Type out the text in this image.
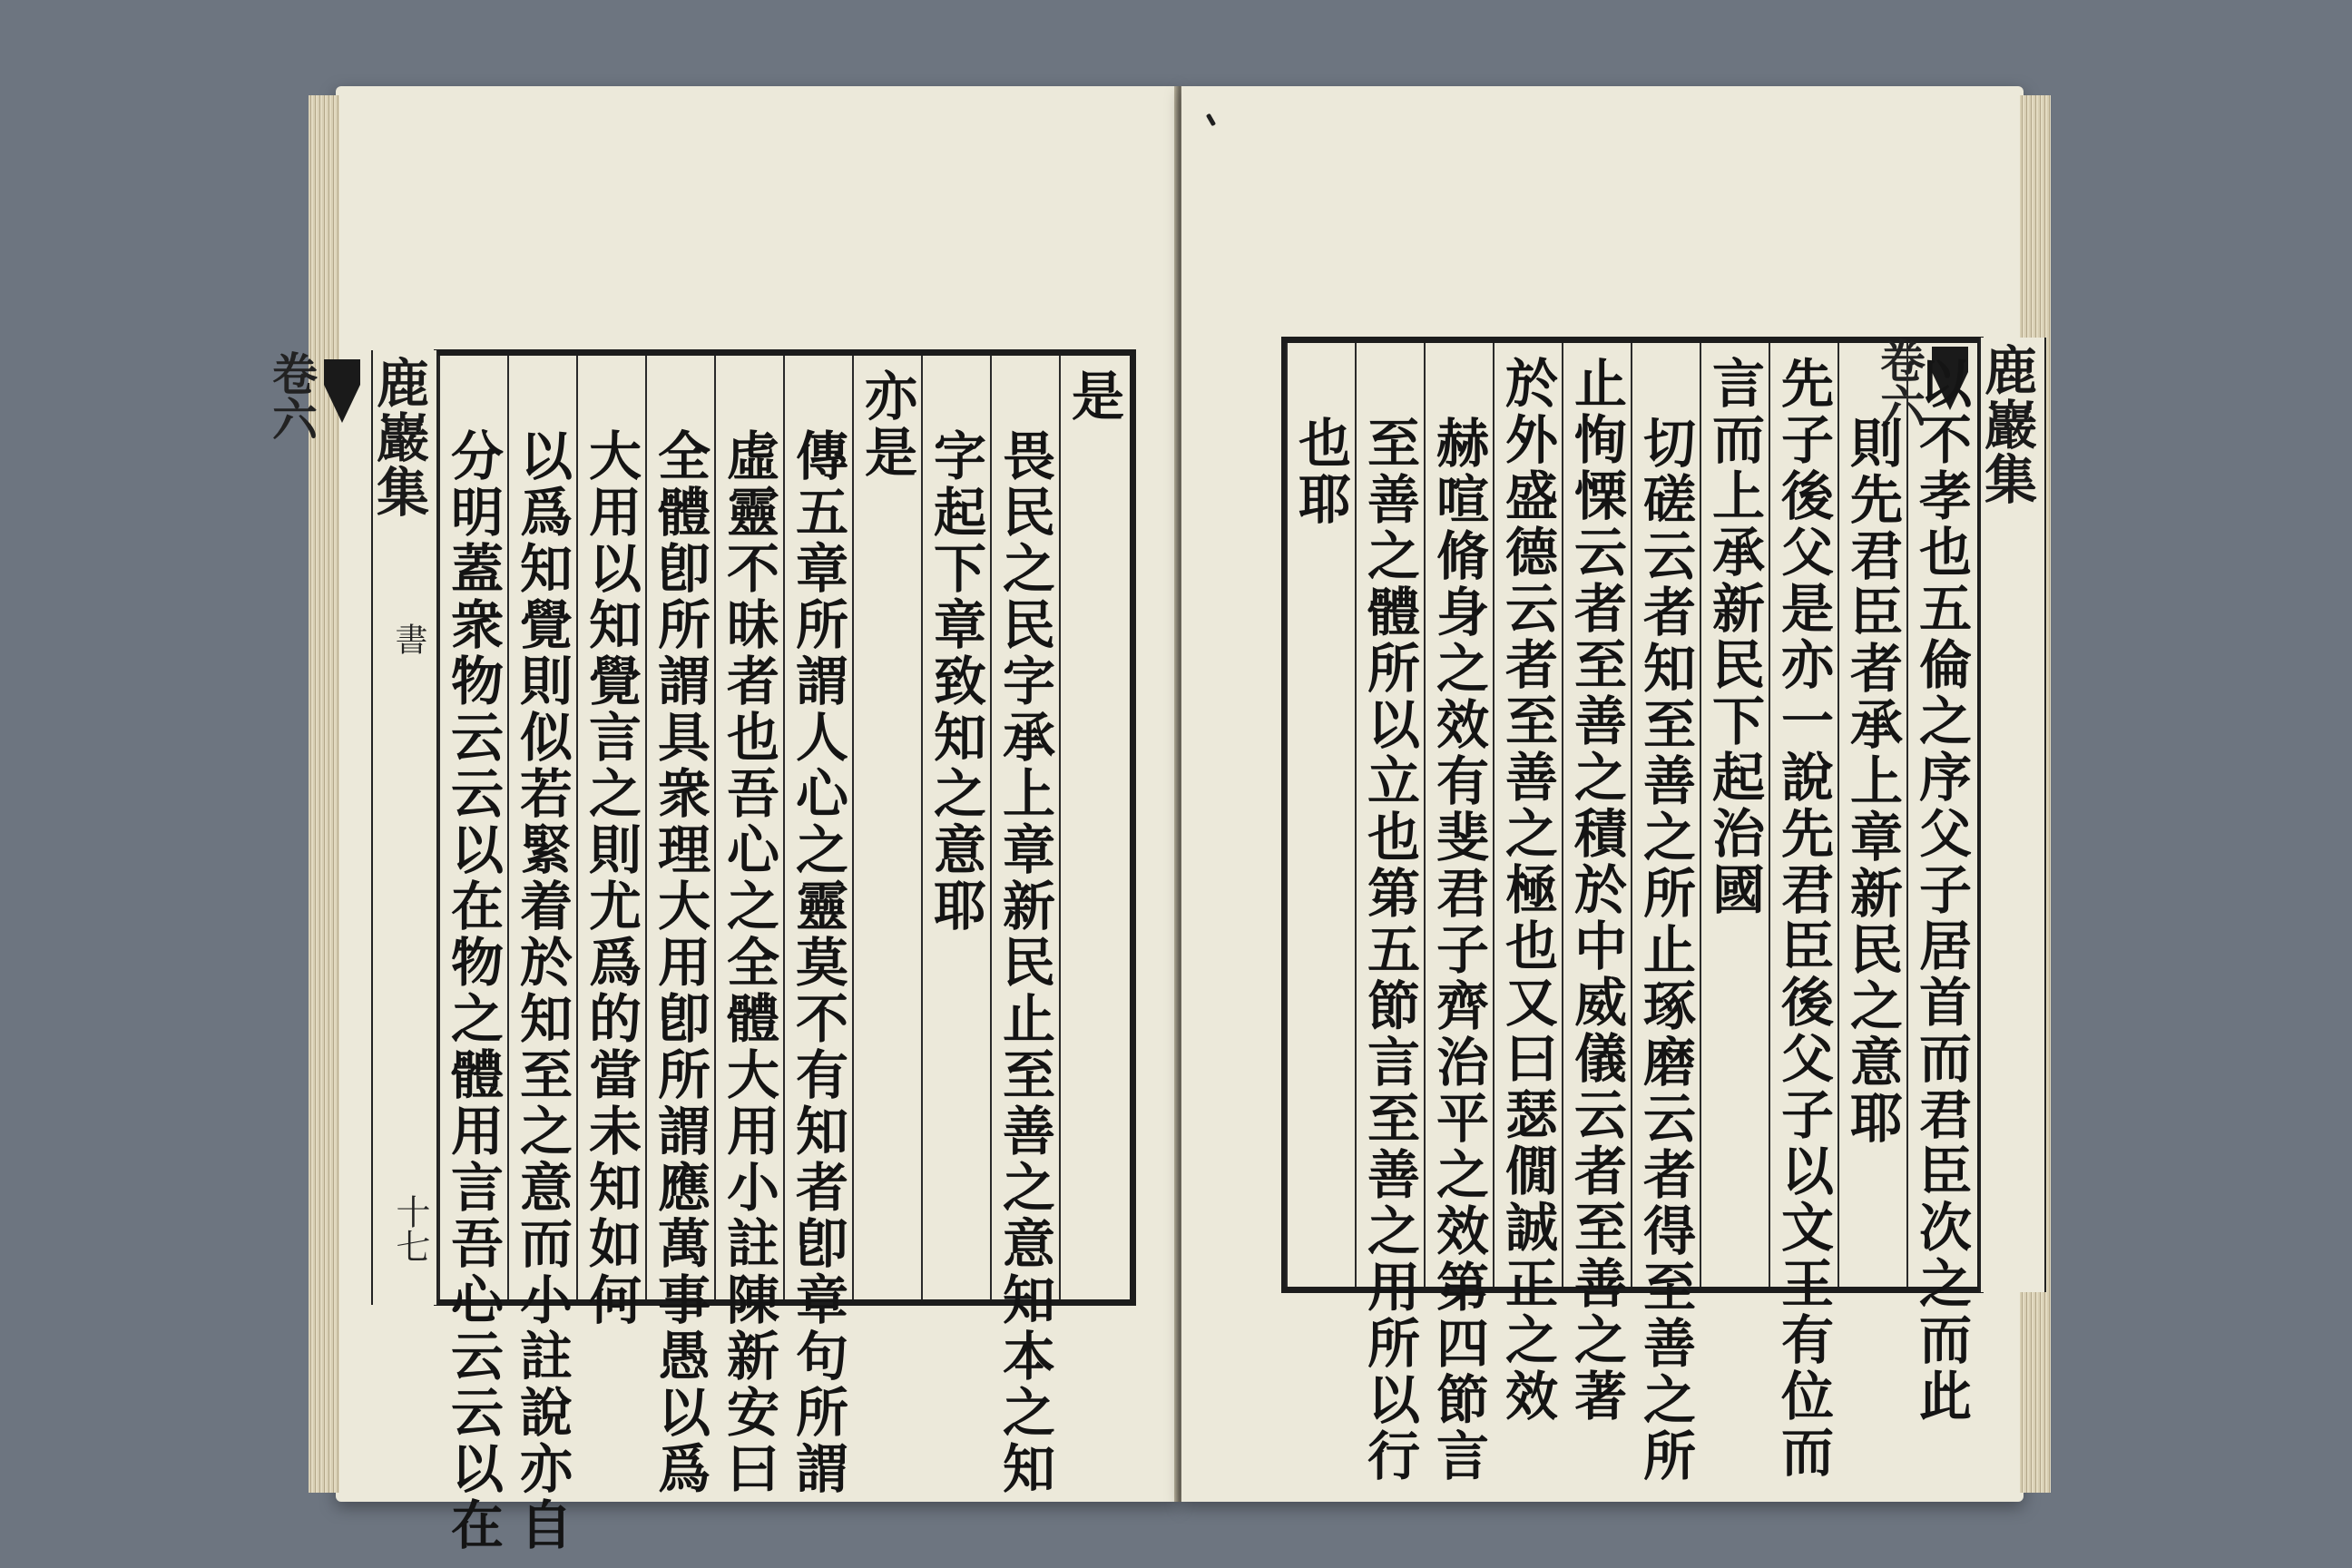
鹿巖集
卷六
書
十七
是
畏民之民字承上章新民止至善之意知本之知
字起下章致知之意耶
亦是
傳五章所謂人心之靈莫不有知者卽章句所謂
虛靈不昧者也吾心之全體大用小註陳新安曰
全體卽所謂具衆理大用卽所謂應萬事愚以爲
大用以知覺言之則尤爲的當未知如何
以爲知覺則似若緊着於知至之意而小註說亦自
分明蓋衆物云云以在物之體用言吾心云云以在
鹿巖集
卷六
以不孝也五倫之序父子居首而君臣次之而此
則先君臣者承上章新民之意耶
先子後父是亦一說先君臣後父子以文王有位而
言而上承新民下起治國
切磋云者知至善之所止琢磨云者得至善之所
止恂慄云者至善之積於中威儀云者至善之著
於外盛德云者至善之極也又曰瑟僩誠正之效
赫喧脩身之效有斐君子齊治平之效第四節言
至善之體所以立也第五節言至善之用所以行
也耶
